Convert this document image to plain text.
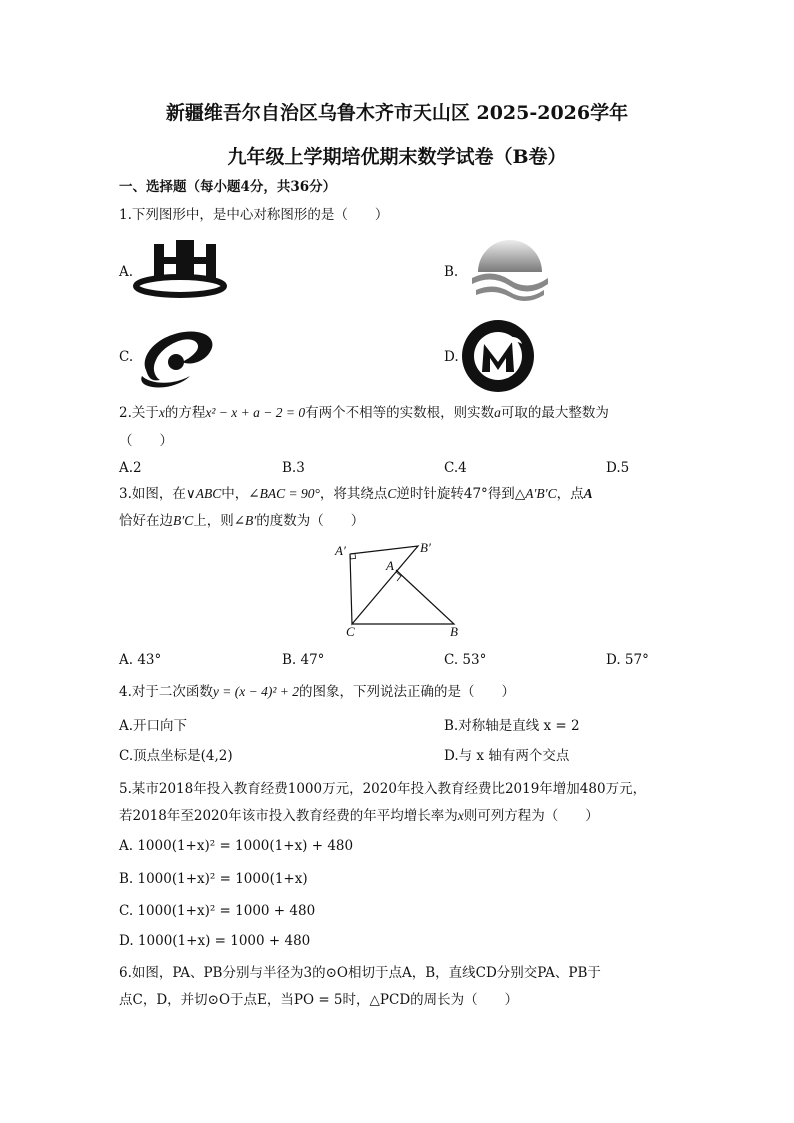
新疆维吾尔自治区乌鲁木齐市天山区 2025-2026学年
九年级上学期培优期末数学试卷（B卷）
一、选择题（每小题4分，共36分）
1.下列图形中，是中心对称图形的是（　　）
A.	B.
C.	D.
2.关于x的方程x² − x + a − 2 = 0有两个不相等的实数根，则实数a可取的最大整数为
（　　）
A.2	B.3	C.4	D.5
3.如图，在∨ABC中，∠BAC = 90°，将其绕点C逆时针旋转47°得到△A′B′C，点A
恰好在边B′C上，则∠B′的度数为（　　）
A′	B′
A
C	B
A. 43°	B. 47°	C. 53°	D. 57°
4.对于二次函数y = (x − 4)² + 2的图象，下列说法正确的是（　　）
A.开口向下	B.对称轴是直线 x = 2
C.顶点坐标是(4,2)	D.与 x 轴有两个交点
5.某市2018年投入教育经费1000万元，2020年投入教育经费比2019年增加480万元，
若2018年至2020年该市投入教育经费的年平均增长率为x则可列方程为（　　）
A. 1000(1+x)² = 1000(1+x) + 480
B. 1000(1+x)² = 1000(1+x)
C. 1000(1+x)² = 1000 + 480
D. 1000(1+x) = 1000 + 480
6.如图，PA、PB分别与半径为3的⊙O相切于点A，B，直线CD分别交PA、PB于
点C，D，并切⊙O于点E，当PO = 5时，△PCD的周长为（　　）
